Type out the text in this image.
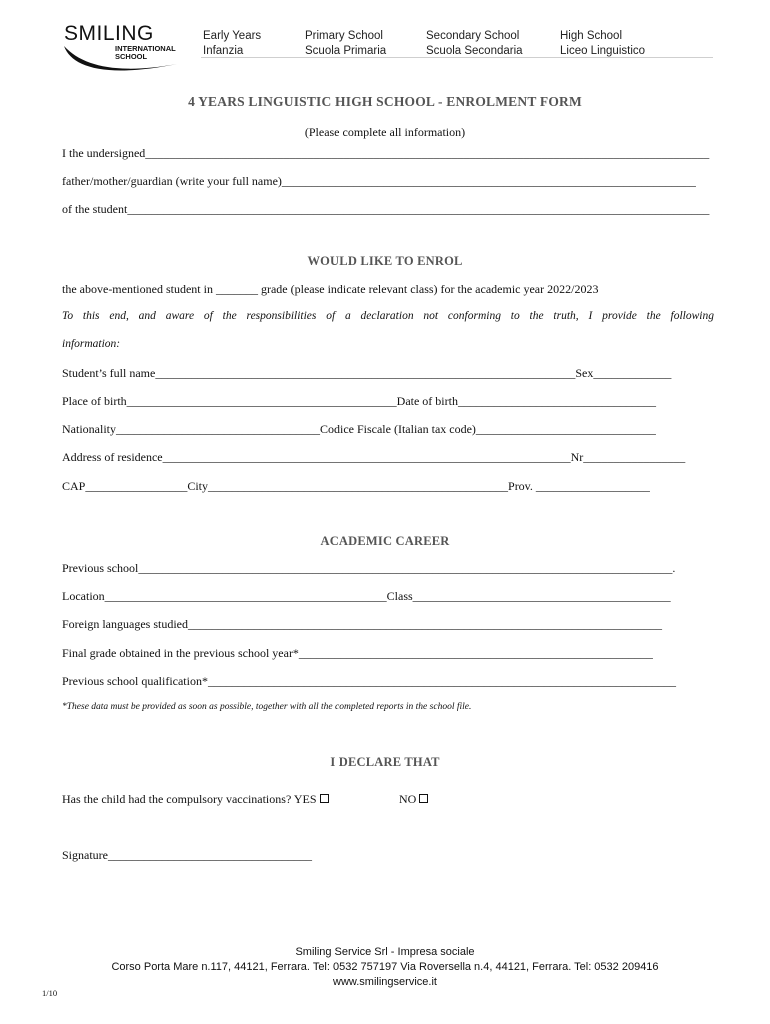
SMILING
INTERNATIONAL
SCHOOL
Early Years
Infanzia
Primary School
Scuola Primaria
Secondary School
Scuola Secondaria
High School
Liceo Linguistico
4 YEARS LINGUISTIC HIGH SCHOOL - ENROLMENT FORM
(Please complete all information)
I the undersigned______________________________________________________________________________________________
father/mother/guardian (write your full name)_____________________________________________________________________
of the student_________________________________________________________________________________________________
WOULD LIKE TO ENROL
the above-mentioned student in _______ grade (please indicate relevant class) for the academic year 2022/2023
To this end, and aware of the responsibilities of a declaration not conforming to the truth, I provide the following
information:
Student’s full name______________________________________________________________________Sex_____________
Place of birth_____________________________________________Date of birth_________________________________
Nationality__________________________________Codice Fiscale (Italian tax code)______________________________
Address of residence____________________________________________________________________Nr_________________
CAP_________________City__________________________________________________Prov. ___________________
ACADEMIC CAREER
Previous school_________________________________________________________________________________________.
Location_______________________________________________Class___________________________________________
Foreign languages studied_______________________________________________________________________________
Final grade obtained in the previous school year*___________________________________________________________
Previous school qualification*______________________________________________________________________________
*These data must be provided as soon as possible, together with all the completed reports in the school file.
I DECLARE THAT
Has the child had the compulsory vaccinations? YES	NO
Signature__________________________________
Smiling Service Srl - Impresa sociale
Corso Porta Mare n.117, 44121, Ferrara. Tel: 0532 757197 Via Roversella n.4, 44121, Ferrara. Tel: 0532 209416
www.smilingservice.it
1/10
